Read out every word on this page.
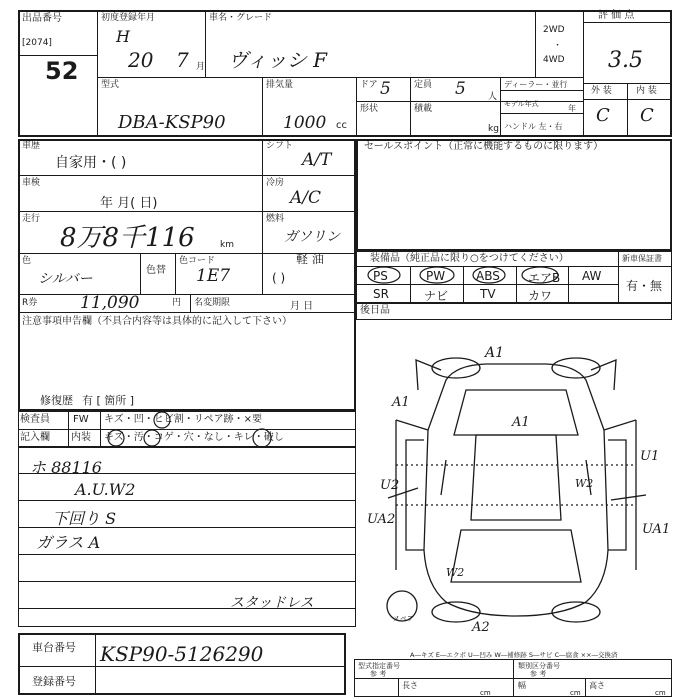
出品番号
[2074]
52
初度登録年月
H
20 7 月
車名・グレード
ヴィッシ F
2WD
・
4WD
評 価 点
3.5
型式
DBA-KSP90
排気量
1000 cc
ドア 5	定員 5 人
ディーラー・並行
モデル年式	年
形状	積載
kg ハンドル 左・右
外 装	内 装
C C
車歴
自家用・( )
シフト
A/T
車検
年 月( 日)
冷房
A/C
走行
8万8千116	km
燃料
ガソリン
軽 油
( )
色
シルバー
色替
色コード
1E7
R券	11,090	円 名変期限	月 日
注意事項申告欄（不具合内容等は具体的に記入して下さい）
修復歴 有 [ 箇所 ]
セールスポイント（正常に機能するものに限ります）
装備品（純正品に限り○をつけてください）	新車保証書
有・無
PS	PW	ABS エアB AW
SR	ナビ	TV	カワ
後日品
検査員
記入欄
FW キズ・凹・ヒビ割・リペア跡・×要
内装 キズ・汚・コゲ・穴・なし・キレ・破し
ホ 88116
A.U.W2
下回り S
ガラス A
A1
A1
A1
U1
U2	W2
UA2
UA1
W2
A2
スタッドレス
スペア
A―キズ E―エクボ U―凹み W―補修跡 S―サビ C―腐食 ××―交換済
車台番号 KSP90-5126290
登録番号
型式指定番号
参 考
類別区分番号
参 考
長さ
cm
幅
cm
高さ
cm
